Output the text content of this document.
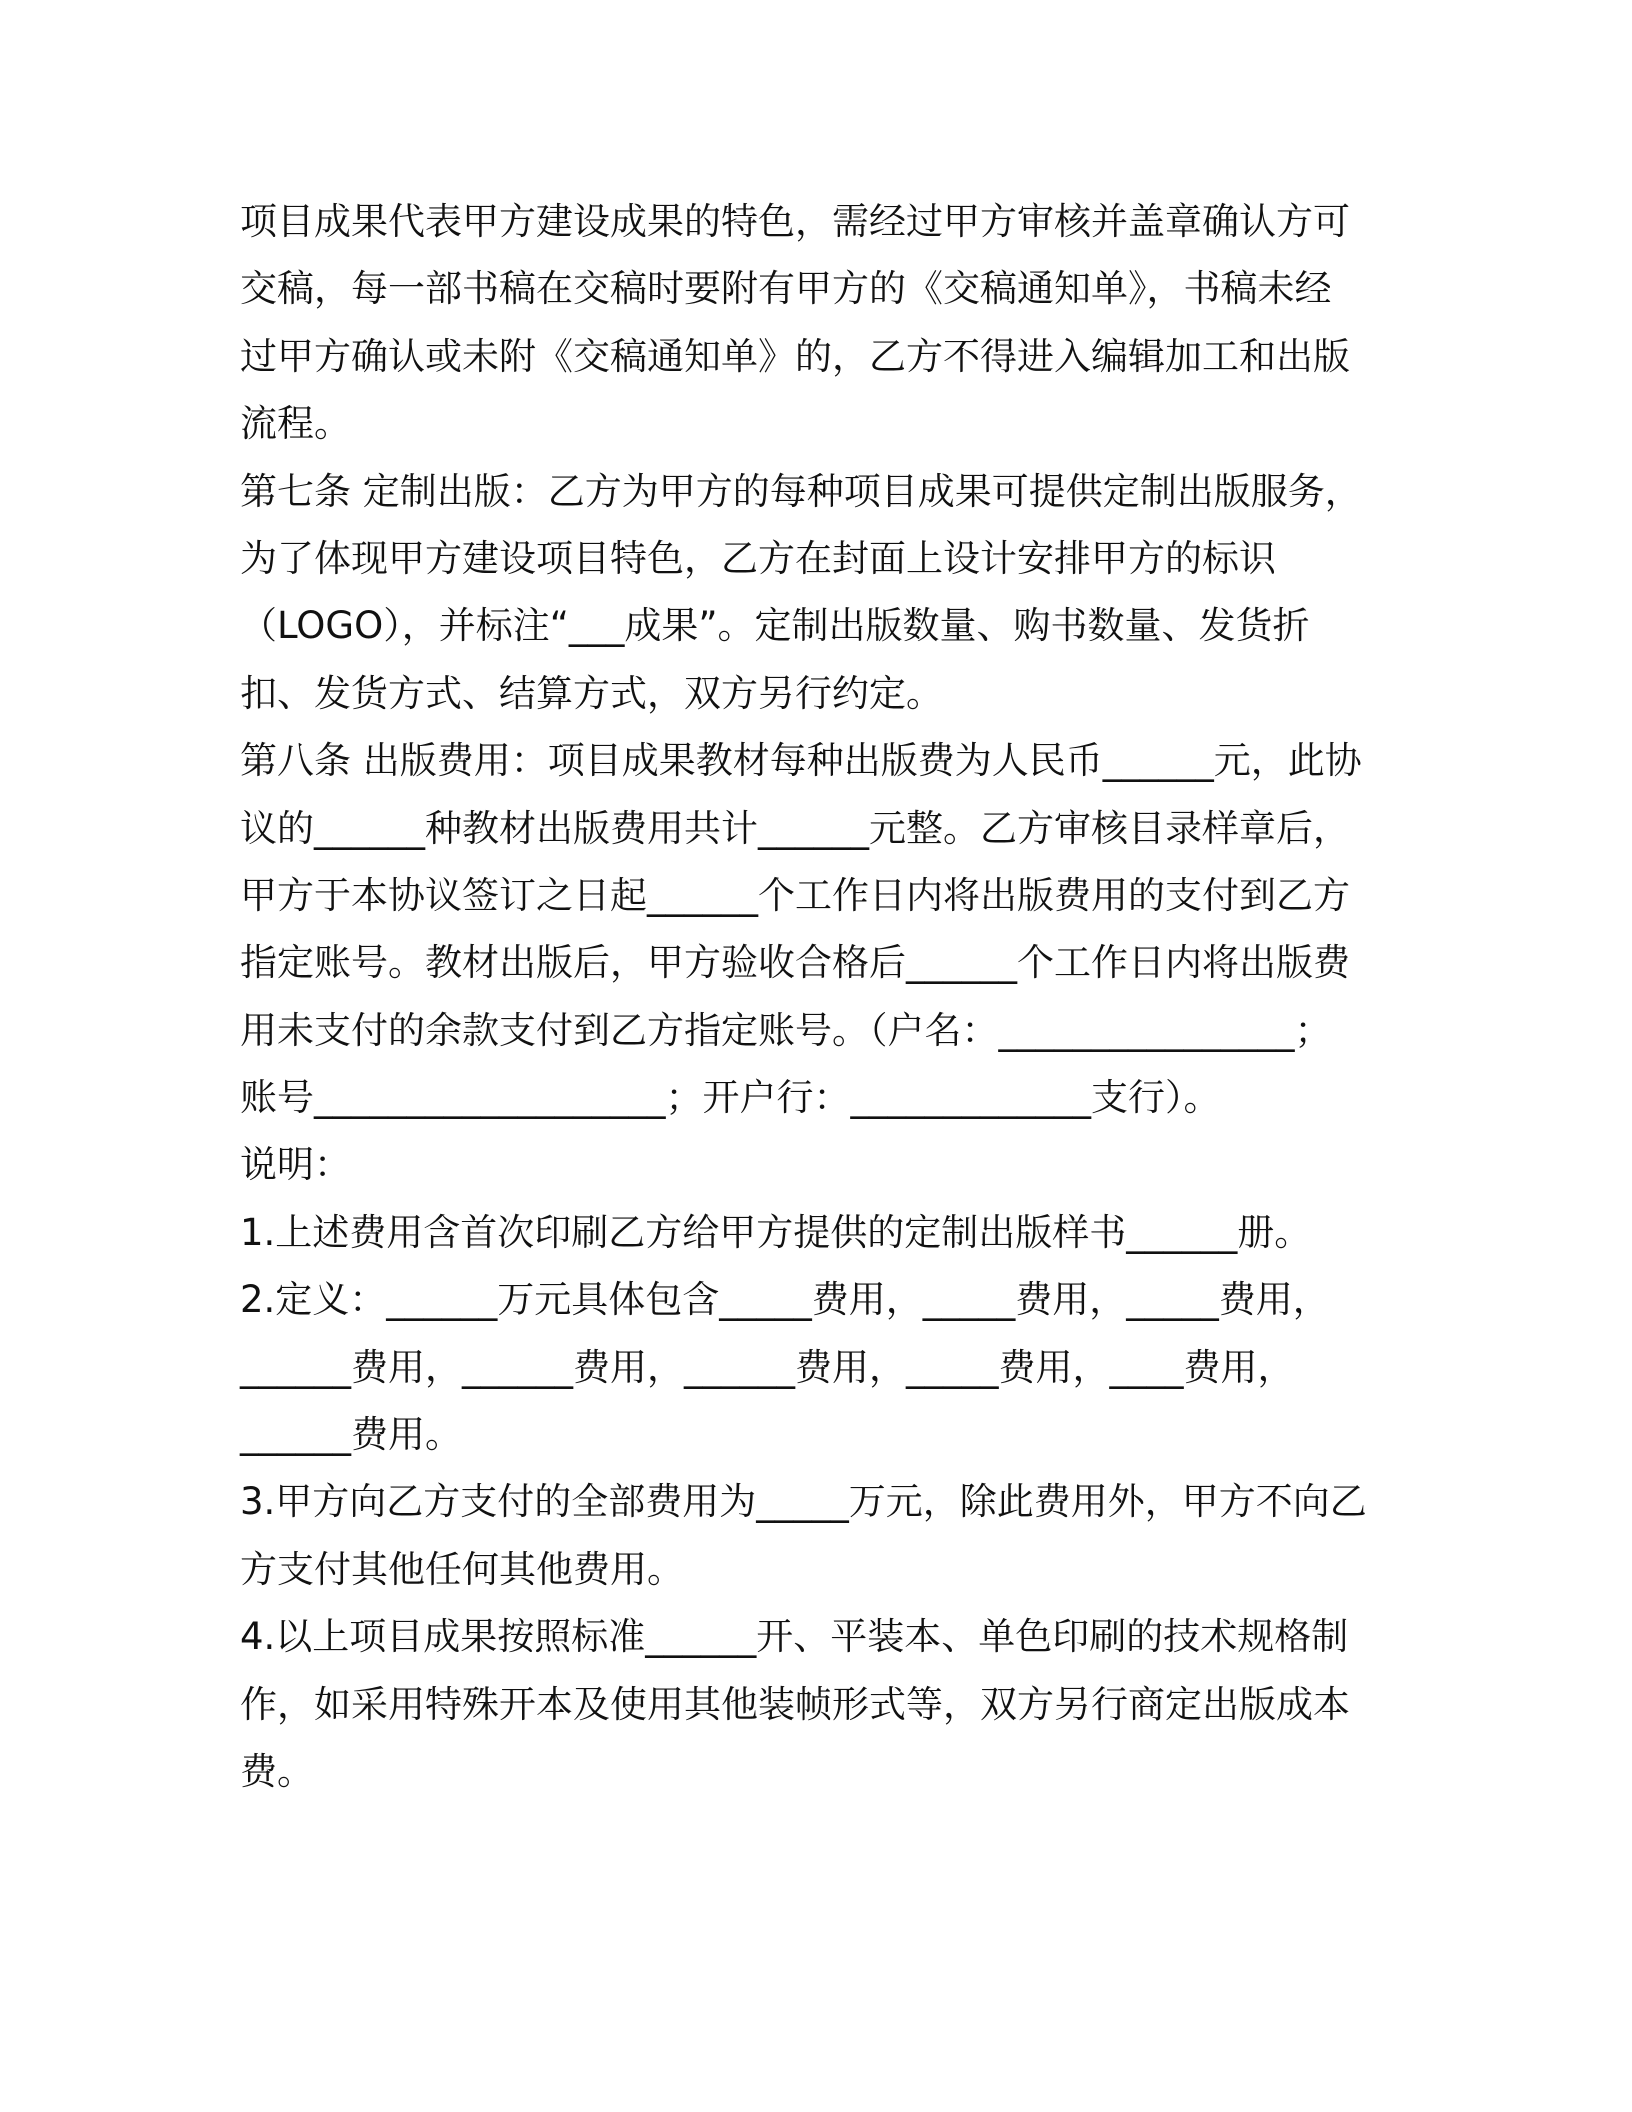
项目成果代表甲方建设成果的特色，需经过甲方审核并盖章确认方可
交稿，每一部书稿在交稿时要附有甲方的《交稿通知单》，书稿未经
过甲方确认或未附《交稿通知单》的，乙方不得进入编辑加工和出版
流程。
第七条 定制出版：乙方为甲方的每种项目成果可提供定制出版服务，
为了体现甲方建设项目特色，乙方在封面上设计安排甲方的标识
（LOGO），并标注“___成果”。定制出版数量、购书数量、发货折
扣、发货方式、结算方式，双方另行约定。
第八条 出版费用：项目成果教材每种出版费为人民币______元，此协
议的______种教材出版费用共计______元整。乙方审核目录样章后，
甲方于本协议签订之日起______个工作日内将出版费用的支付到乙方
指定账号。教材出版后，甲方验收合格后______个工作日内将出版费
用未支付的余款支付到乙方指定账号。（户名：________________；
账号___________________；开户行：_____________支行）。
说明：
1.上述费用含首次印刷乙方给甲方提供的定制出版样书______册。
2.定义：______万元具体包含_____费用，_____费用，_____费用，
______费用，______费用，______费用，_____费用，____费用，
______费用。
3.甲方向乙方支付的全部费用为_____万元，除此费用外，甲方不向乙
方支付其他任何其他费用。
4.以上项目成果按照标准______开、平装本、单色印刷的技术规格制
作，如采用特殊开本及使用其他装帧形式等，双方另行商定出版成本
费。
